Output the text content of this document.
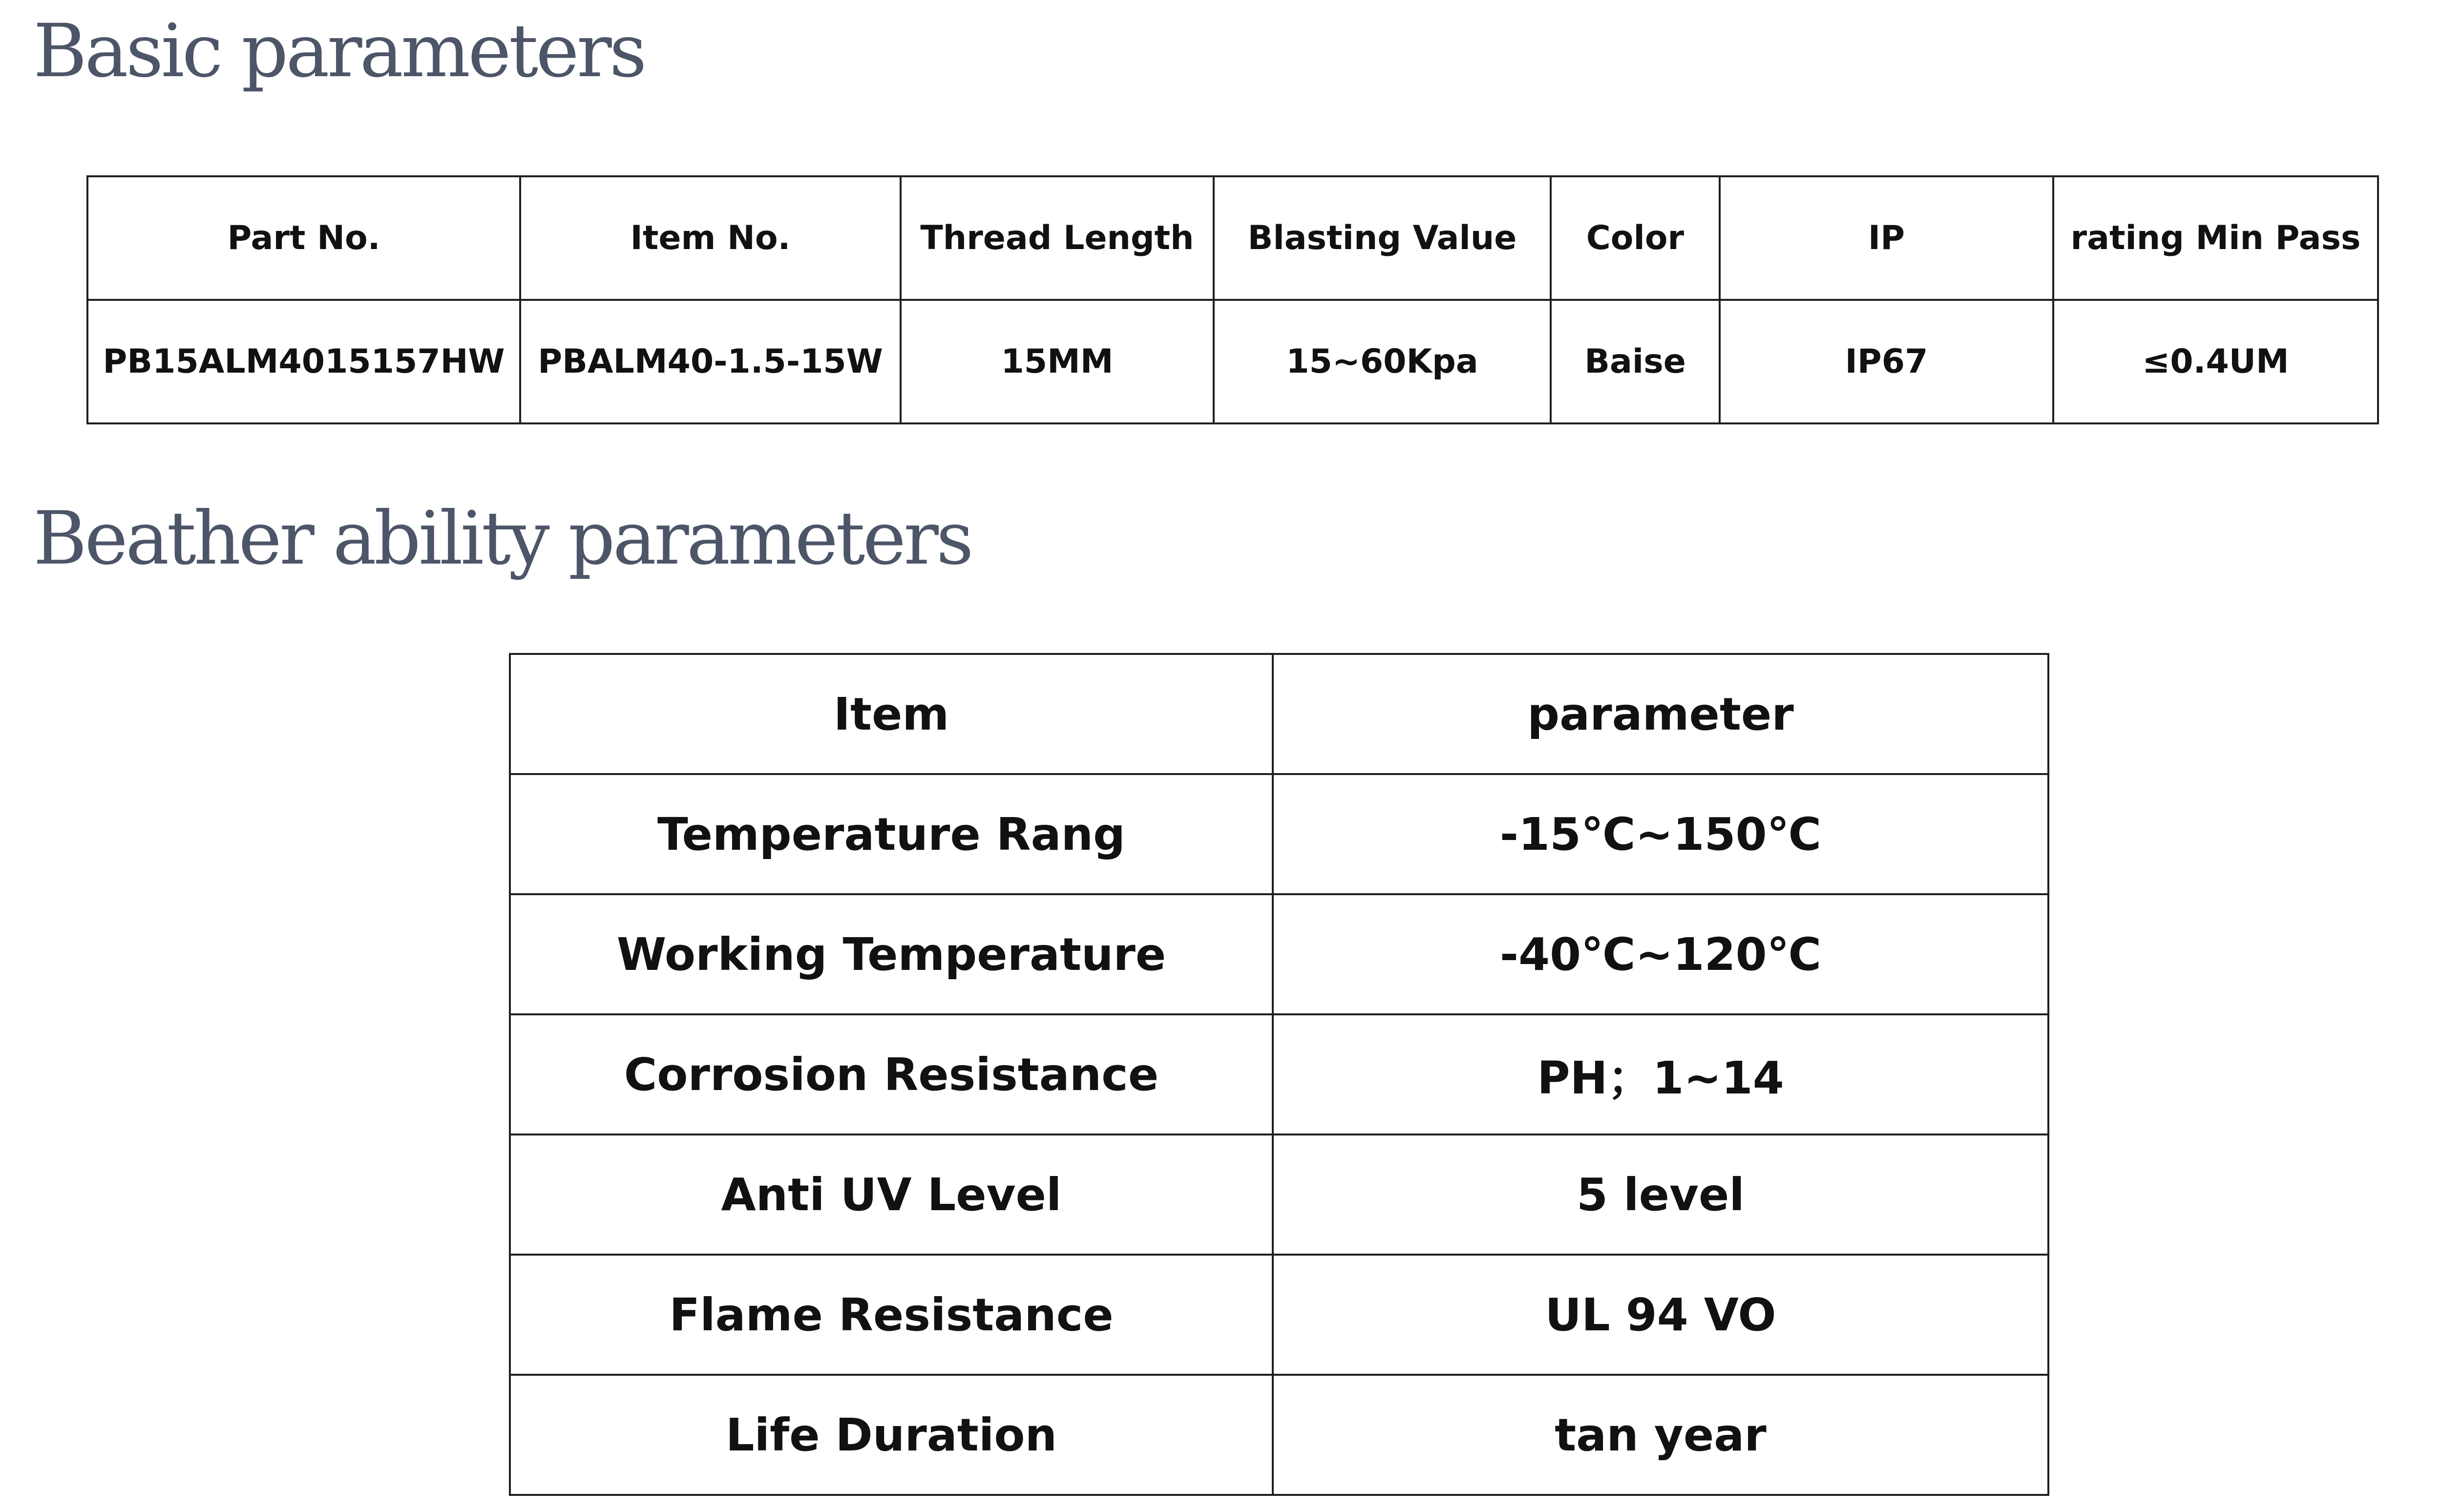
Basic parameters
Part No.	Item No.	Thread Length	Blasting Value	Color	IP	rating Min Pass
PB15ALM4015157HW	PBALM40-1.5-15W	15MM	15~60Kpa	Baise	IP67	≤0.4UM
Beather ability parameters
Item	parameter
Temperature Rang	-15℃~150℃
Working Temperature	-40℃~120℃
Corrosion Resistance	PH；1~14
Anti UV Level	5 level
Flame Resistance	UL 94 VO
Life Duration	tan year
